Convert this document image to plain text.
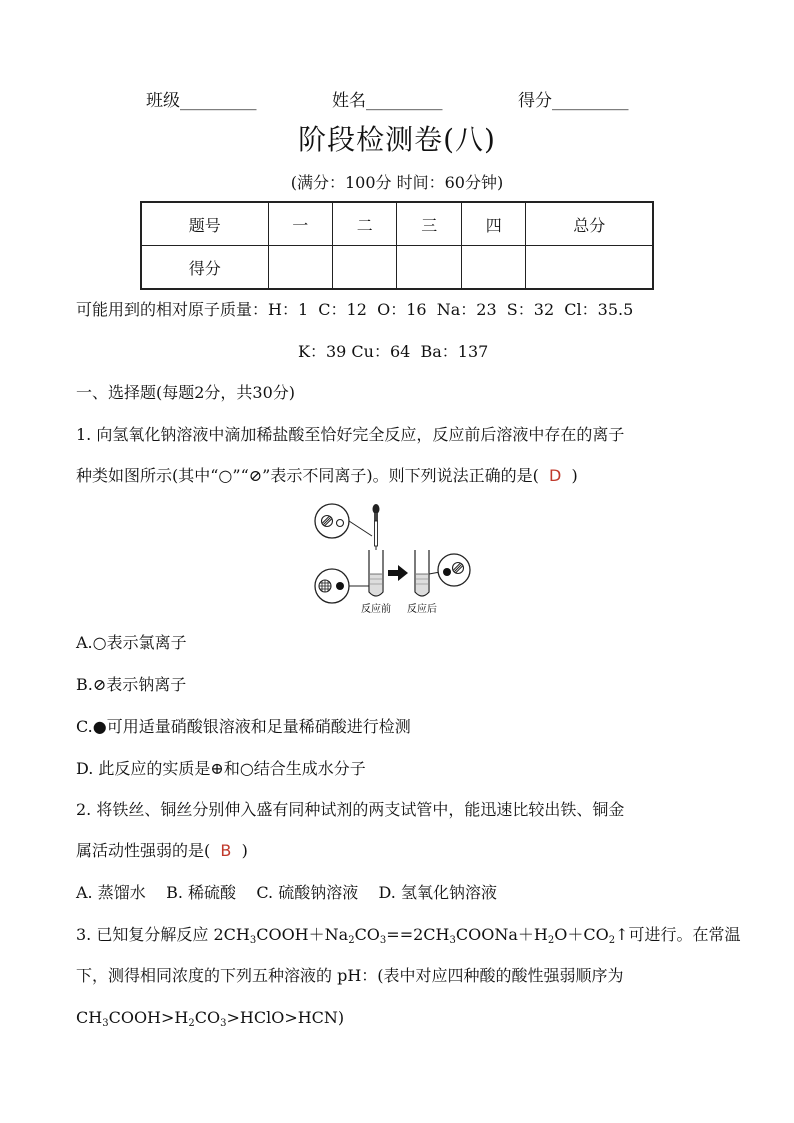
班级_________	姓名_________	得分_________
阶段检测卷(八)
(满分：100分 时间：60分钟)
题号	一	二	三	四	总分
得分					
可能用到的相对原子质量：H：1  C：12  O：16  Na：23  S：32  Cl：35.5
K：39 Cu：64  Ba：137
一、选择题(每题2分，共30分)
1. 向氢氧化钠溶液中滴加稀盐酸至恰好完全反应，反应前后溶液中存在的离子
种类如图所示(其中“○”“⊘”表示不同离子)。则下列说法正确的是(  D  )
反应前 反应后
A.○表示氯离子
B.⊘表示钠离子
C.●可用适量硝酸银溶液和足量稀硝酸进行检测
D. 此反应的实质是⊕和○结合生成水分子
2. 将铁丝、铜丝分别伸入盛有同种试剂的两支试管中，能迅速比较出铁、铜金
属活动性强弱的是(  B  )
A. 蒸馏水    B. 稀硫酸    C. 硫酸钠溶液    D. 氢氧化钠溶液
3. 已知复分解反应 $2CH_3COOH+Na_2CO_3==2CH_3COONa+H_2O+CO_2↑$可进行。在常温
下，测得相同浓度的下列五种溶液的 pH：(表中对应四种酸的酸性强弱顺序为
$CH_3COOH>H_2CO_3>HClO>HCN$)
